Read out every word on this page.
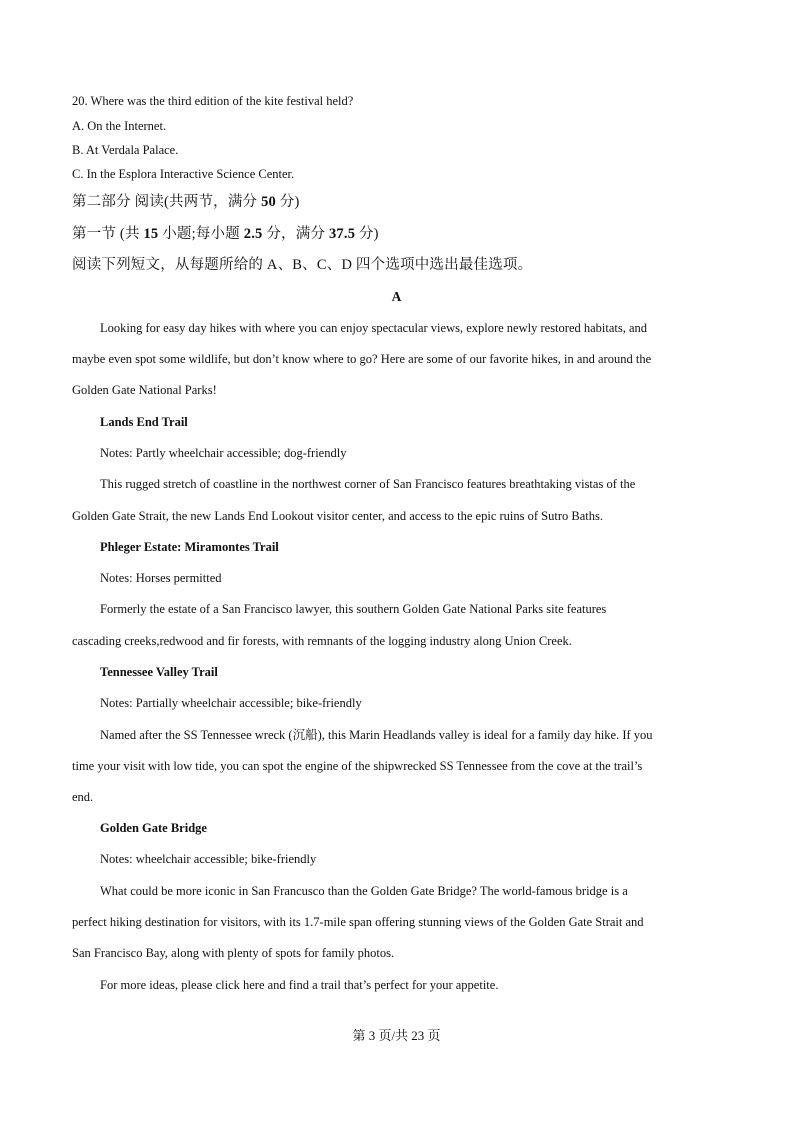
20. Where was the third edition of the kite festival held?
A. On the Internet.
B. At Verdala Palace.
C. In the Esplora Interactive Science Center.
第二部分 阅读(共两节，满分 50 分)
第一节 (共 15 小题;每小题 2.5 分，满分 37.5 分)
阅读下列短文，从每题所给的 A、B、C、D 四个选项中选出最佳选项。
A
Looking for easy day hikes with where you can enjoy spectacular views, explore newly restored habitats, and
maybe even spot some wildlife, but don’t know where to go? Here are some of our favorite hikes, in and around the
Golden Gate National Parks!
Lands End Trail
Notes: Partly wheelchair accessible; dog-friendly
This rugged stretch of coastline in the northwest corner of San Francisco features breathtaking vistas of the
Golden Gate Strait, the new Lands End Lookout visitor center, and access to the epic ruins of Sutro Baths.
Phleger Estate: Miramontes Trail
Notes: Horses permitted
Formerly the estate of a San Francisco lawyer, this southern Golden Gate National Parks site features
cascading creeks,redwood and fir forests, with remnants of the logging industry along Union Creek.
Tennessee Valley Trail
Notes: Partially wheelchair accessible; bike-friendly
Named after the SS Tennessee wreck (沉船), this Marin Headlands valley is ideal for a family day hike. If you
time your visit with low tide, you can spot the engine of the shipwrecked SS Tennessee from the cove at the trail’s
end.
Golden Gate Bridge
Notes: wheelchair accessible; bike-friendly
What could be more iconic in San Francusco than the Golden Gate Bridge? The world-famous bridge is a
perfect hiking destination for visitors, with its 1.7-mile span offering stunning views of the Golden Gate Strait and
San Francisco Bay, along with plenty of spots for family photos.
For more ideas, please click here and find a trail that’s perfect for your appetite.
第 3 页/共 23 页
